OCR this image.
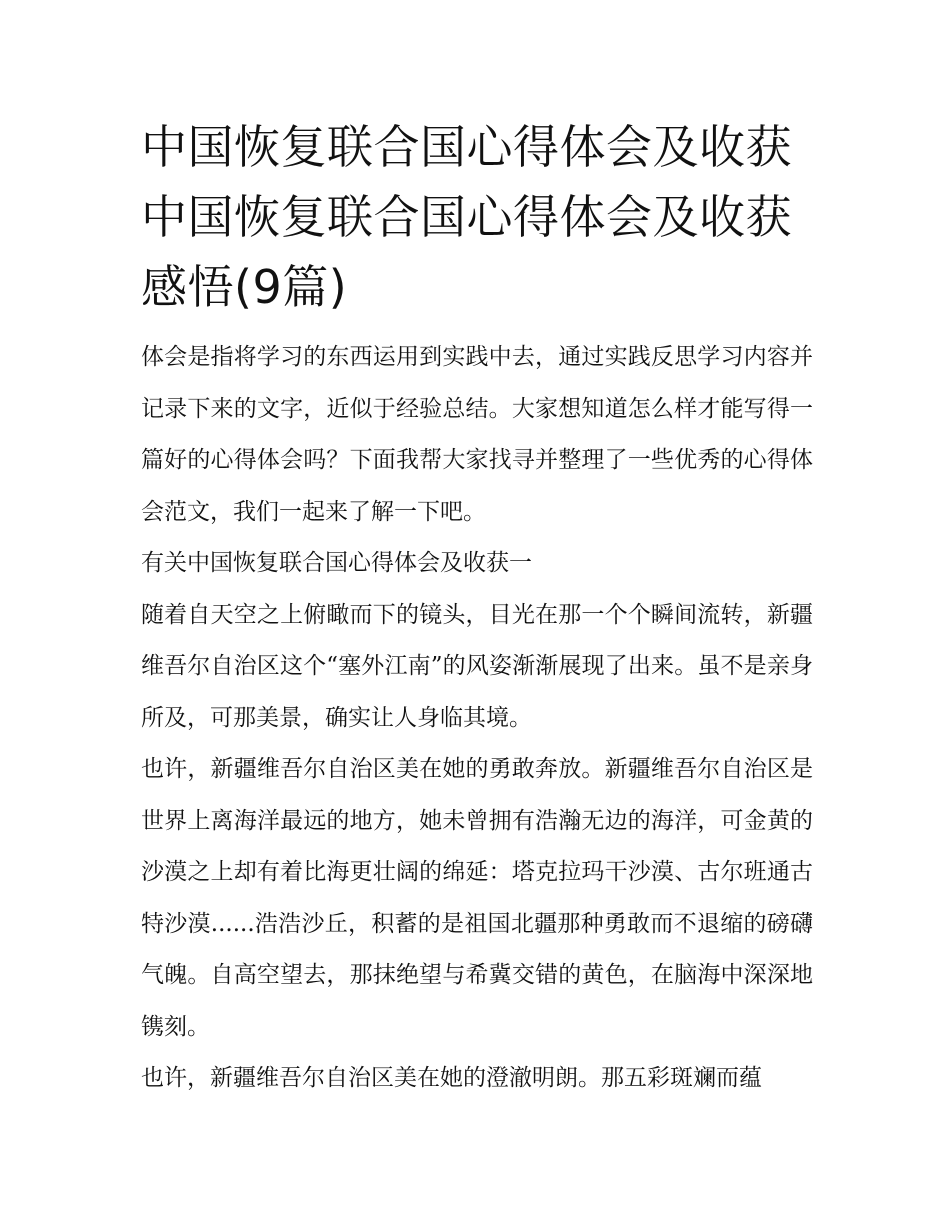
中国恢复联合国心得体会及收获 中国恢复联合国心得体会及收获感悟(9篇)

体会是指将学习的东西运用到实践中去，通过实践反思学习内容并记录下来的文字，近似于经验总结。大家想知道怎么样才能写得一篇好的心得体会吗？下面我帮大家找寻并整理了一些优秀的心得体会范文，我们一起来了解一下吧。

有关中国恢复联合国心得体会及收获一

随着自天空之上俯瞰而下的镜头，目光在那一个个瞬间流转，新疆维吾尔自治区这个“塞外江南”的风姿渐渐展现了出来。虽不是亲身所及，可那美景，确实让人身临其境。

也许，新疆维吾尔自治区美在她的勇敢奔放。新疆维吾尔自治区是世界上离海洋最远的地方，她未曾拥有浩瀚无边的海洋，可金黄的沙漠之上却有着比海更壮阔的绵延：塔克拉玛干沙漠、古尔班通古特沙漠......浩浩沙丘，积蓄的是祖国北疆那种勇敢而不退缩的磅礴气魄。自高空望去，那抹绝望与希冀交错的黄色，在脑海中深深地镌刻。

也许，新疆维吾尔自治区美在她的澄澈明朗。那五彩斑斓而蕴
